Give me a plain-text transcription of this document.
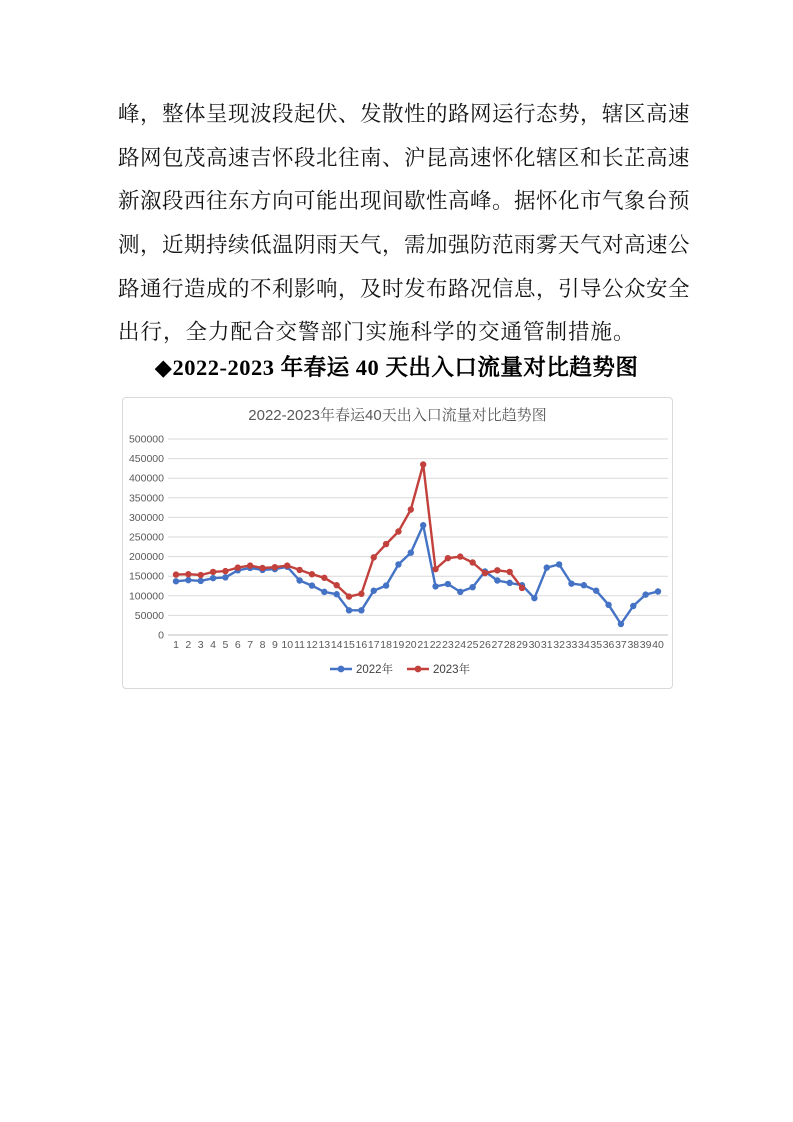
峰，整体呈现波段起伏、发散性的路网运行态势，辖区高速
路网包茂高速吉怀段北往南、沪昆高速怀化辖区和长芷高速
新溆段西往东方向可能出现间歇性高峰。据怀化市气象台预
测，近期持续低温阴雨天气，需加强防范雨雾天气对高速公
路通行造成的不利影响，及时发布路况信息，引导公众安全
出行，全力配合交警部门实施科学的交通管制措施。
◆2022-2023 年春运 40 天出入口流量对比趋势图
0
50000
100000
150000
200000
250000
300000
350000
400000
450000
500000
1 2 3 4 5 6 7 8 9 10 11 12 13 14 15 16 17 18 19 20 21 22 23 24 25 26 27 28 29 30 31 32 33 34 35 36 37 38 39 40
2022年	2023年
2022-2023年春运40天出入口流量对比趋势图
